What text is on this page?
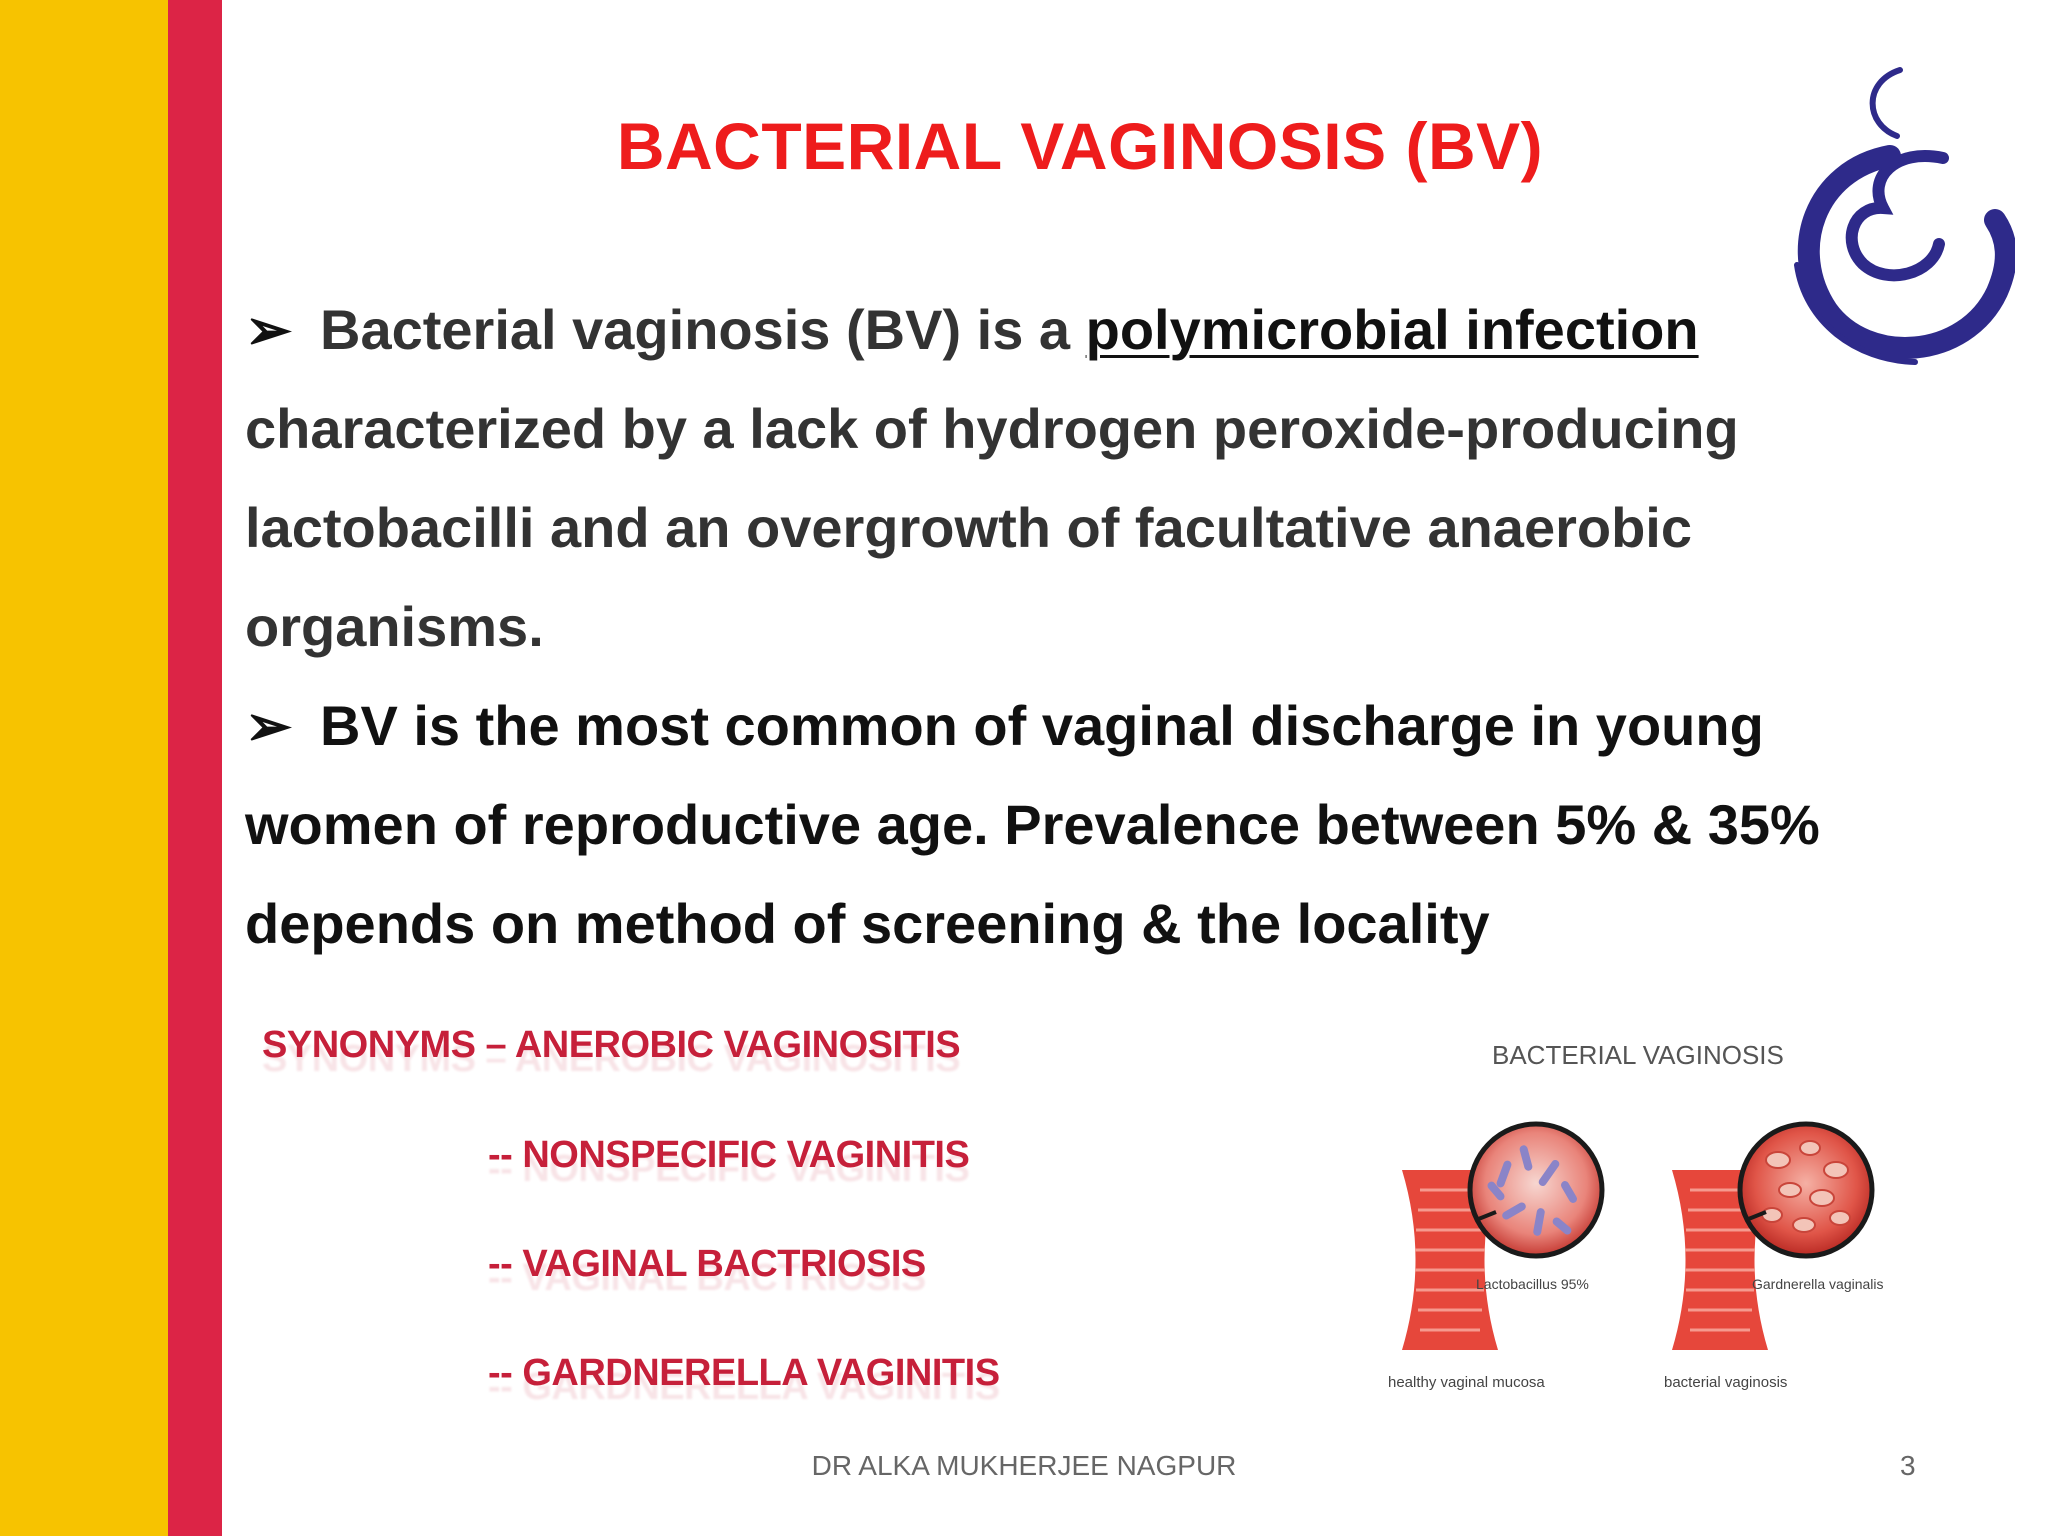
BACTERIAL VAGINOSIS (BV)

➢ Bacterial vaginosis (BV) is a polymicrobial infection characterized by a lack of hydrogen peroxide-producing lactobacilli and an overgrowth of facultative anaerobic organisms.

➢ BV is the most common of vaginal discharge in young women of reproductive age. Prevalence between 5% & 35% depends on method of screening & the locality

SYNONYMS – ANEROBIC VAGINOSITIS
-- NONSPECIFIC VAGINITIS
-- VAGINAL BACTRIOSIS
-- GARDNERELLA VAGINITIS
BACTERIAL VAGINOSIS
Lactobacillus 95%	Gardnerella vaginalis
healthy vaginal mucosa	bacterial vaginosis
DR ALKA MUKHERJEE NAGPUR	3
